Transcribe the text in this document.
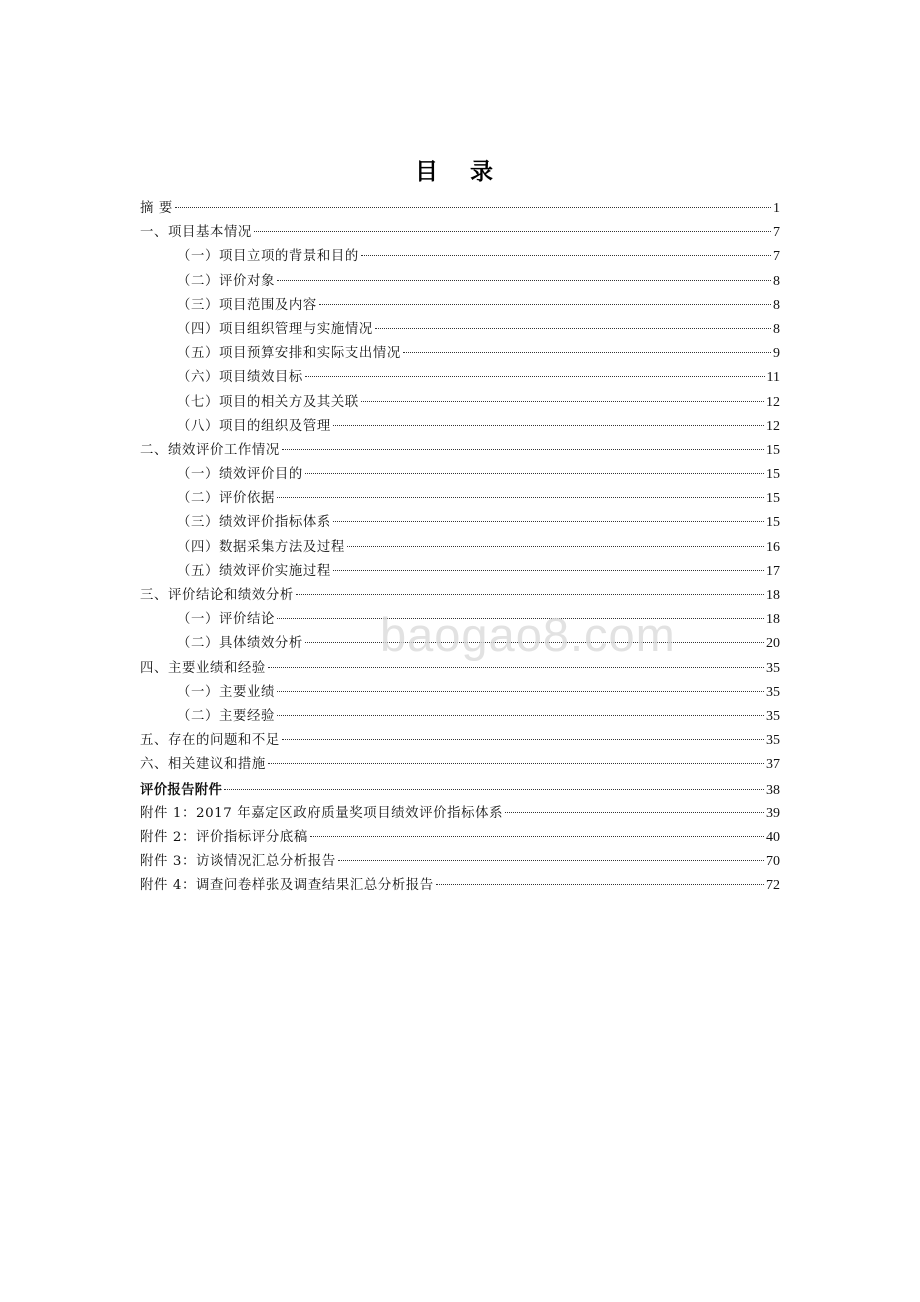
目 录
摘 要	1
一、项目基本情况	7
（一）项目立项的背景和目的	7
（二）评价对象	8
（三）项目范围及内容	8
（四）项目组织管理与实施情况	8
（五）项目预算安排和实际支出情况	9
（六）项目绩效目标	11
（七）项目的相关方及其关联	12
（八）项目的组织及管理	12
二、绩效评价工作情况	15
（一）绩效评价目的	15
（二）评价依据	15
（三）绩效评价指标体系	15
（四）数据采集方法及过程	16
（五）绩效评价实施过程	17
三、评价结论和绩效分析	18
（一）评价结论	18
（二）具体绩效分析	20
四、主要业绩和经验	35
（一）主要业绩	35
（二）主要经验	35
五、存在的问题和不足	35
六、相关建议和措施	37
评价报告附件	38
附件 1：2017 年嘉定区政府质量奖项目绩效评价指标体系	39
附件 2：评价指标评分底稿	40
附件 3：访谈情况汇总分析报告	70
附件 4：调查问卷样张及调查结果汇总分析报告	72
baogao8.com
